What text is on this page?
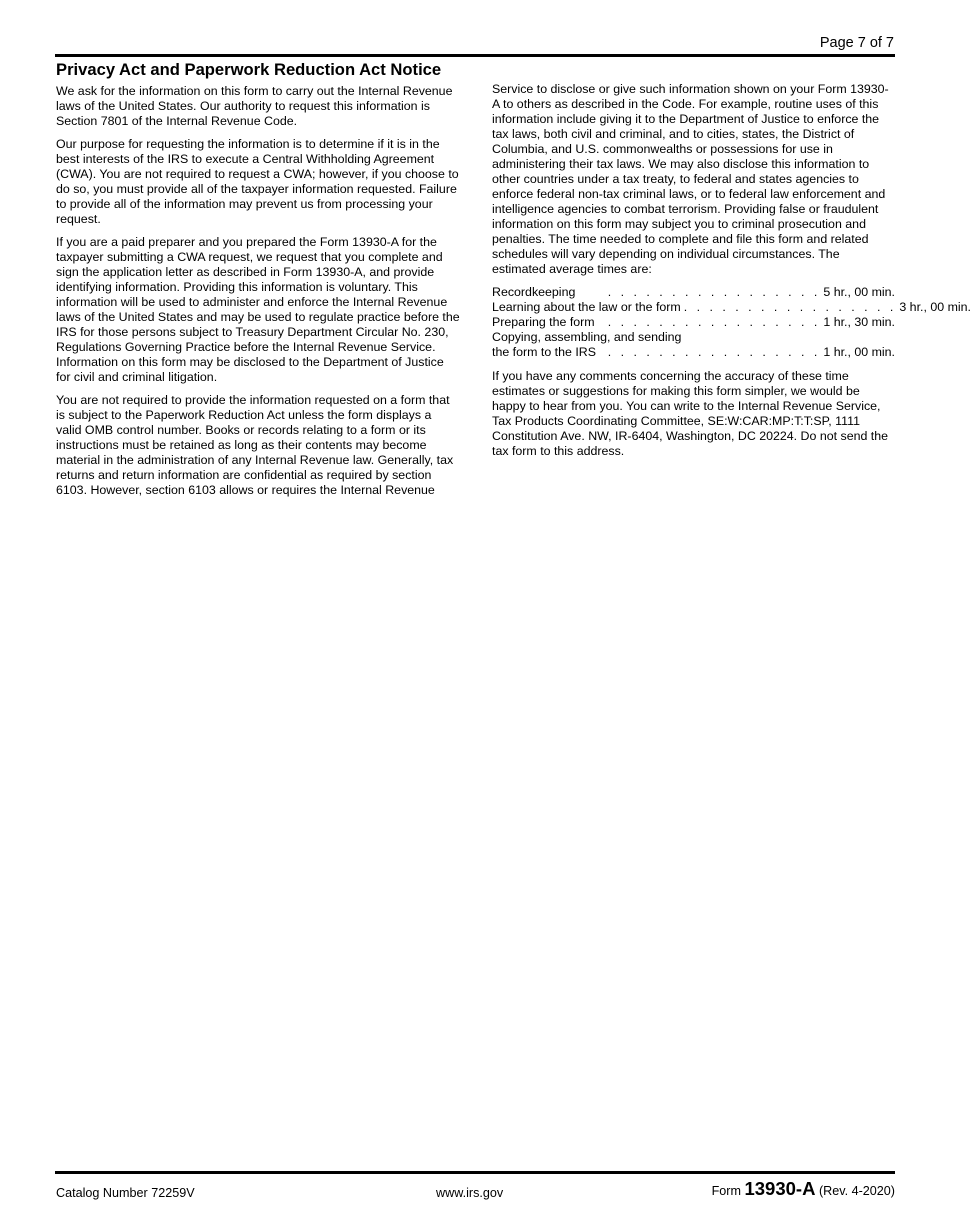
Page 7 of 7
Privacy Act and Paperwork Reduction Act Notice

We ask for the information on this form to carry out the Internal Revenue laws of the United States. Our authority to request this information is Section 7801 of the Internal Revenue Code.

Our purpose for requesting the information is to determine if it is in the best interests of the IRS to execute a Central Withholding Agreement (CWA). You are not required to request a CWA; however, if you choose to do so, you must provide all of the taxpayer information requested. Failure to provide all of the information may prevent us from processing your request.

If you are a paid preparer and you prepared the Form 13930-A for the taxpayer submitting a CWA request, we request that you complete and sign the application letter as described in Form 13930-A, and provide identifying information. Providing this information is voluntary. This information will be used to administer and enforce the Internal Revenue laws of the United States and may be used to regulate practice before the IRS for those persons subject to Treasury Department Circular No. 230, Regulations Governing Practice before the Internal Revenue Service. Information on this form may be disclosed to the Department of Justice for civil and criminal litigation.

You are not required to provide the information requested on a form that is subject to the Paperwork Reduction Act unless the form displays a valid OMB control number. Books or records relating to a form or its instructions must be retained as long as their contents may become material in the administration of any Internal Revenue law. Generally, tax returns and return information are confidential as required by section 6103. However, section 6103 allows or requires the Internal Revenue

Service to disclose or give such information shown on your Form 13930-A to others as described in the Code. For example, routine uses of this information include giving it to the Department of Justice to enforce the tax laws, both civil and criminal, and to cities, states, the District of Columbia, and U.S. commonwealths or possessions for use in administering their tax laws. We may also disclose this information to other countries under a tax treaty, to federal and states agencies to enforce federal non-tax criminal laws, or to federal law enforcement and intelligence agencies to combat terrorism. Providing false or fraudulent information on this form may subject you to criminal prosecution and penalties. The time needed to complete and file this form and related schedules will vary depending on individual circumstances. The estimated average times are:

Recordkeeping	. . . . . . . . . . . . . . . . . 5 hr., 00 min.
Learning about the law or the form . . . . . . . . . . . . . . . . . 3 hr., 00 min.
Preparing the form	. . . . . . . . . . . . . . . . . 1 hr., 30 min.
Copying, assembling, and sending
the form to the IRS . . . . . . . . . . . . . . . . . 1 hr., 00 min.

If you have any comments concerning the accuracy of these time estimates or suggestions for making this form simpler, we would be happy to hear from you. You can write to the Internal Revenue Service, Tax Products Coordinating Committee, SE:W:CAR:MP:T:T:SP, 1111 Constitution Ave. NW, IR-6404, Washington, DC 20224. Do not send the tax form to this address.

Catalog Number 72259V	www.irs.gov	Form 13930-A (Rev. 4-2020)
